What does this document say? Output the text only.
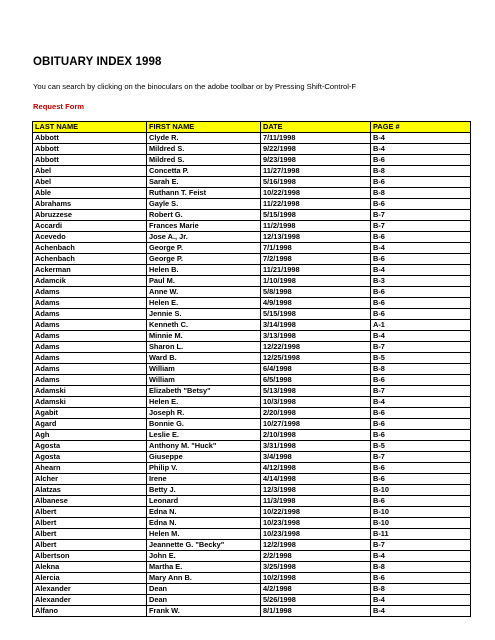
OBITUARY INDEX 1998
You can search by clicking on the binoculars on the adobe toolbar or by Pressing Shift-Control-F
Request Form
LAST NAME	FIRST NAME	DATE	PAGE #
Abbott	Clyde R.	7/11/1998	B-4
Abbott	Mildred S.	9/22/1998	B-4
Abbott	Mildred S.	9/23/1998	B-6
Abel	Concetta P.	11/27/1998	B-8
Abel	Sarah E.	5/16/1998	B-6
Able	Ruthann T. Feist	10/22/1998	B-8
Abrahams	Gayle S.	11/22/1998	B-6
Abruzzese	Robert G.	5/15/1998	B-7
Accardi	Frances Marie	11/2/1998	B-7
Acevedo	Jose A., Jr.	12/13/1998	B-6
Achenbach	George P.	7/1/1998	B-4
Achenbach	George P.	7/2/1998	B-6
Ackerman	Helen B.	11/21/1998	B-4
Adamcik	Paul M.	1/10/1998	B-3
Adams	Anne W.	5/8/1998	B-6
Adams	Helen E.	4/9/1998	B-6
Adams	Jennie S.	5/15/1998	B-6
Adams	Kenneth C.	3/14/1998	A-1
Adams	Minnie M.	3/13/1998	B-4
Adams	Sharon L.	12/22/1998	B-7
Adams	Ward B.	12/25/1998	B-5
Adams	William	6/4/1998	B-8
Adams	William	6/5/1998	B-6
Adamski	Elizabeth "Betsy"	5/13/1998	B-7
Adamski	Helen E.	10/3/1998	B-4
Agabit	Joseph R.	2/20/1998	B-6
Agard	Bonnie G.	10/27/1998	B-6
Agh	Leslie E.	2/10/1998	B-6
Agosta	Anthony M. "Huck"	3/31/1998	B-5
Agosta	Giuseppe	3/4/1998	B-7
Ahearn	Philip V.	4/12/1998	B-6
Alcher	Irene	4/14/1998	B-6
Alatzas	Betty J.	12/3/1998	B-10
Albanese	Leonard	11/3/1998	B-6
Albert	Edna N.	10/22/1998	B-10
Albert	Edna N.	10/23/1998	B-10
Albert	Helen M.	10/23/1998	B-11
Albert	Jeannette G. "Becky"	12/2/1998	B-7
Albertson	John E.	2/2/1998	B-4
Alekna	Martha E.	3/25/1998	B-8
Alercia	Mary Ann B.	10/2/1998	B-6
Alexander	Dean	4/2/1998	B-8
Alexander	Dean	5/26/1998	B-4
Alfano	Frank W.	8/1/1998	B-4
